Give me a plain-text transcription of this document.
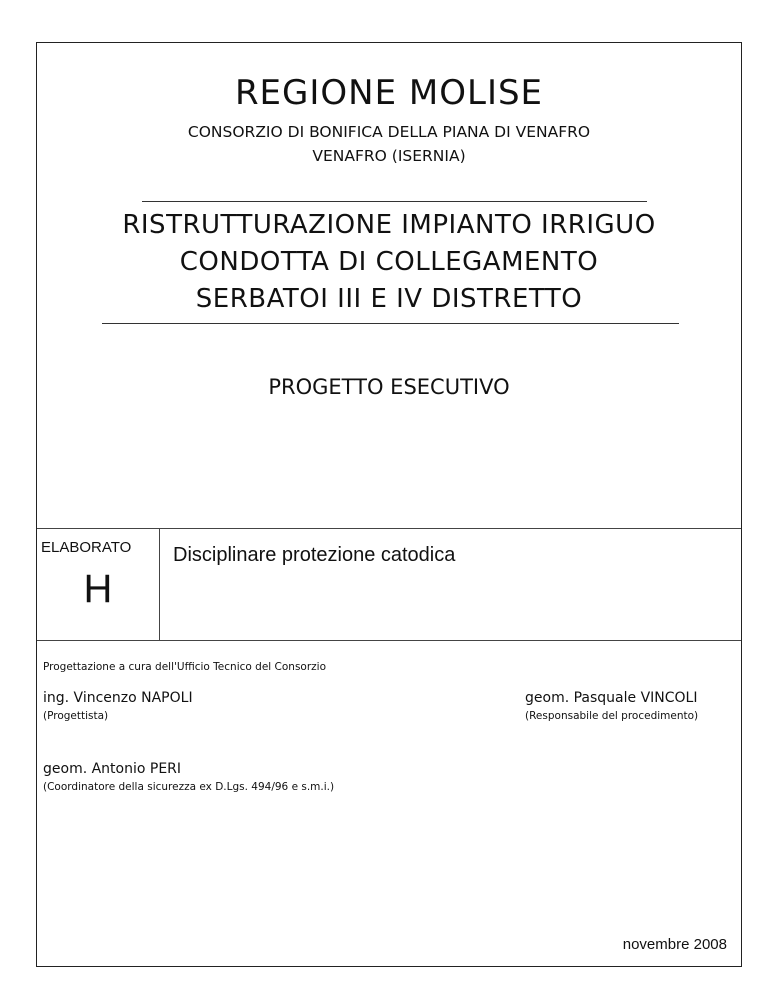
REGIONE MOLISE
CONSORZIO DI BONIFICA DELLA PIANA DI VENAFRO
VENAFRO (ISERNIA)
RISTRUTTURAZIONE IMPIANTO IRRIGUO
CONDOTTA DI COLLEGAMENTO
SERBATOI III E IV DISTRETTO
PROGETTO ESECUTIVO
ELABORATO
H
Disciplinare protezione catodica
Progettazione a cura dell'Ufficio Tecnico del Consorzio
ing. Vincenzo NAPOLI
(Progettista)
geom. Pasquale VINCOLI
(Responsabile del procedimento)
geom. Antonio PERI
(Coordinatore della sicurezza ex D.Lgs. 494/96 e s.m.i.)
novembre 2008
